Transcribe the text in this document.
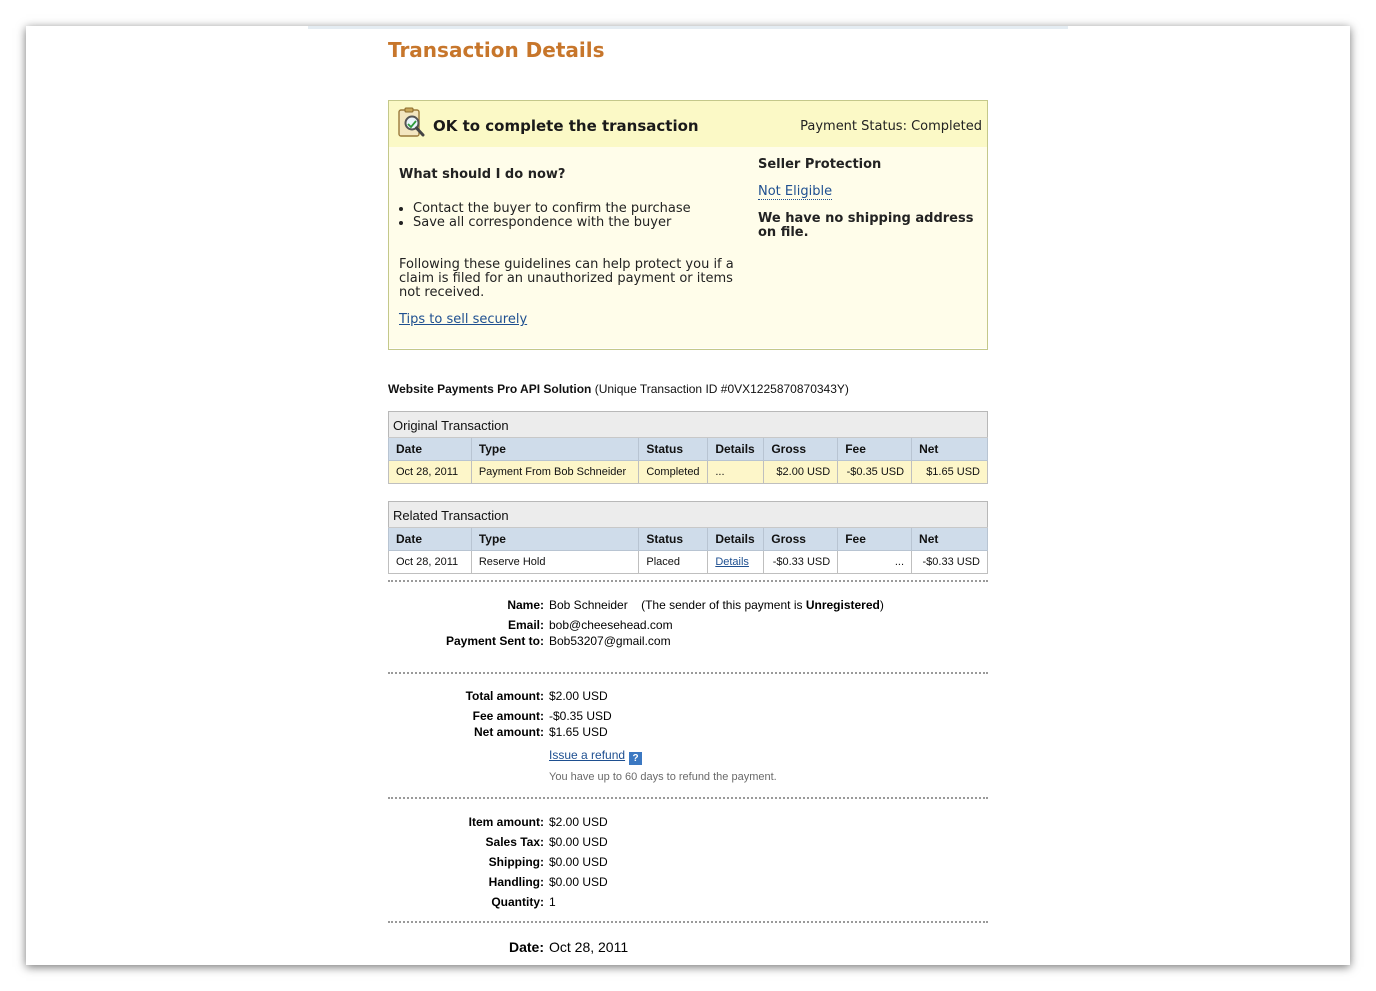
Transaction Details
OK to complete the transaction	Payment Status: Completed
What should I do now?
• Contact the buyer to confirm the purchase
• Save all correspondence with the buyer

Following these guidelines can help protect you if a claim is filed for an unauthorized payment or items not received.

Tips to sell securely
Seller Protection
Not Eligible
We have no shipping address on file.
Website Payments Pro API Solution (Unique Transaction ID #0VX1225870870343Y)
Original Transaction						
Date	Type	Status	Details	Gross	Fee	Net
Oct 28, 2011	Payment From Bob Schneider	Completed	...	$2.00 USD	-$0.35 USD	$1.65 USD
Related Transaction						
Date	Type	Status	Details	Gross	Fee	Net
Oct 28, 2011	Reserve Hold	Placed	Details	-$0.33 USD	...	-$0.33 USD
Name: Bob Schneider (The sender of this payment is Unregistered)
Email: bob@cheesehead.com
Payment Sent to: Bob53207@gmail.com
Total amount: $2.00 USD
Fee amount: -$0.35 USD
Net amount: $1.65 USD
Issue a refund ?
You have up to 60 days to refund the payment.
Item amount: $2.00 USD
Sales Tax: $0.00 USD
Shipping: $0.00 USD
Handling: $0.00 USD
Quantity: 1
Date: Oct 28, 2011
